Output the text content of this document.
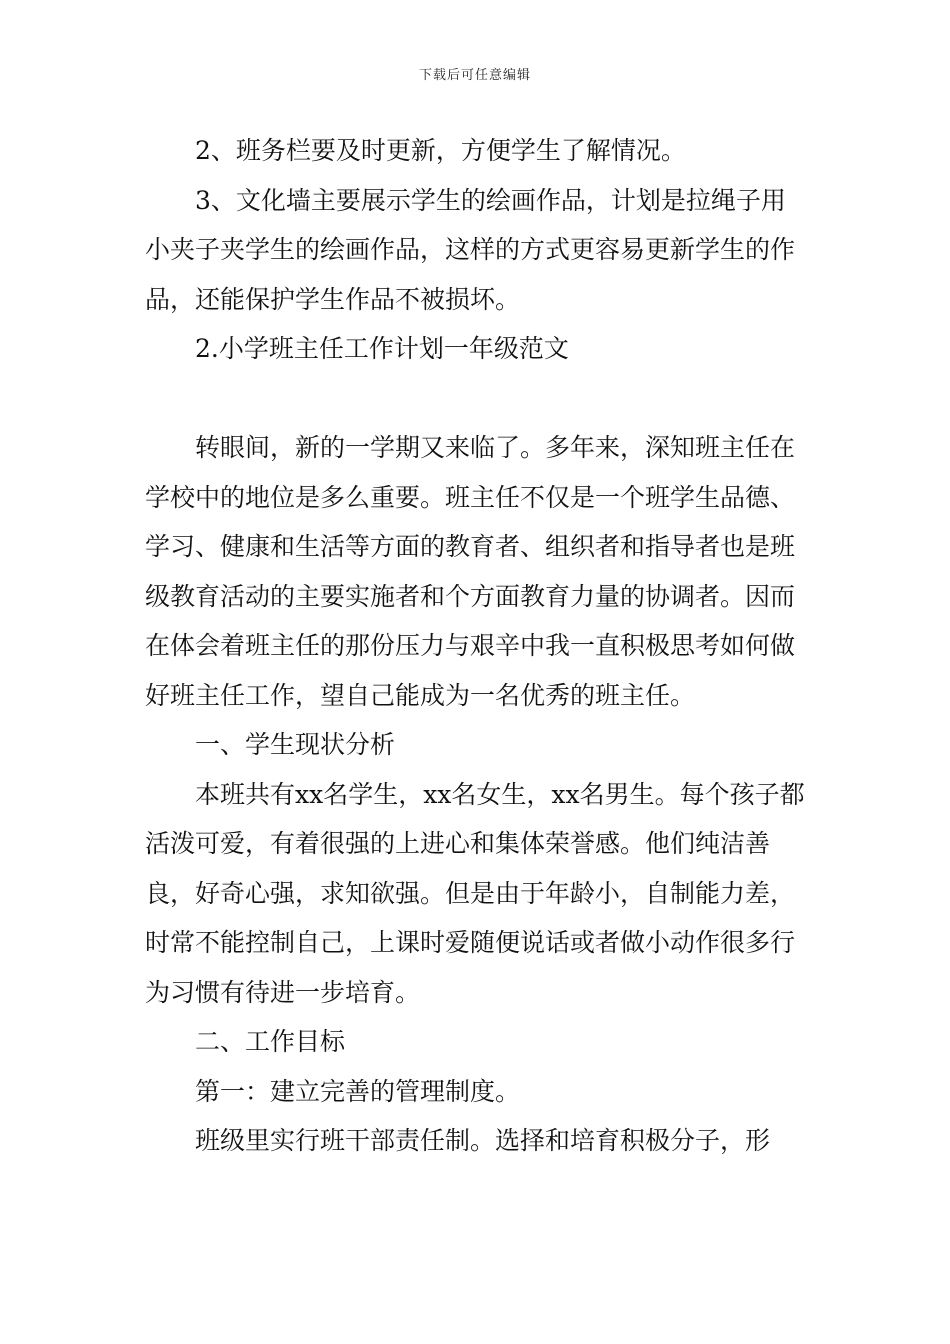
下载后可任意编辑

2、班务栏要及时更新，方便学生了解情况。

3、文化墙主要展示学生的绘画作品，计划是拉绳子用小夹子夹学生的绘画作品，这样的方式更容易更新学生的作品，还能保护学生作品不被损坏。

2.小学班主任工作计划一年级范文

转眼间，新的一学期又来临了。多年来，深知班主任在学校中的地位是多么重要。班主任不仅是一个班学生品德、学习、健康和生活等方面的教育者、组织者和指导者也是班级教育活动的主要实施者和个方面教育力量的协调者。因而在体会着班主任的那份压力与艰辛中我一直积极思考如何做好班主任工作，望自己能成为一名优秀的班主任。

一、学生现状分析

本班共有xx名学生，xx名女生，xx名男生。每个孩子都活泼可爱，有着很强的上进心和集体荣誉感。他们纯洁善良，好奇心强，求知欲强。但是由于年龄小，自制能力差，时常不能控制自己，上课时爱随便说话或者做小动作很多行为习惯有待进一步培育。

二、工作目标

第一：建立完善的管理制度。

班级里实行班干部责任制。选择和培育积极分子，形
